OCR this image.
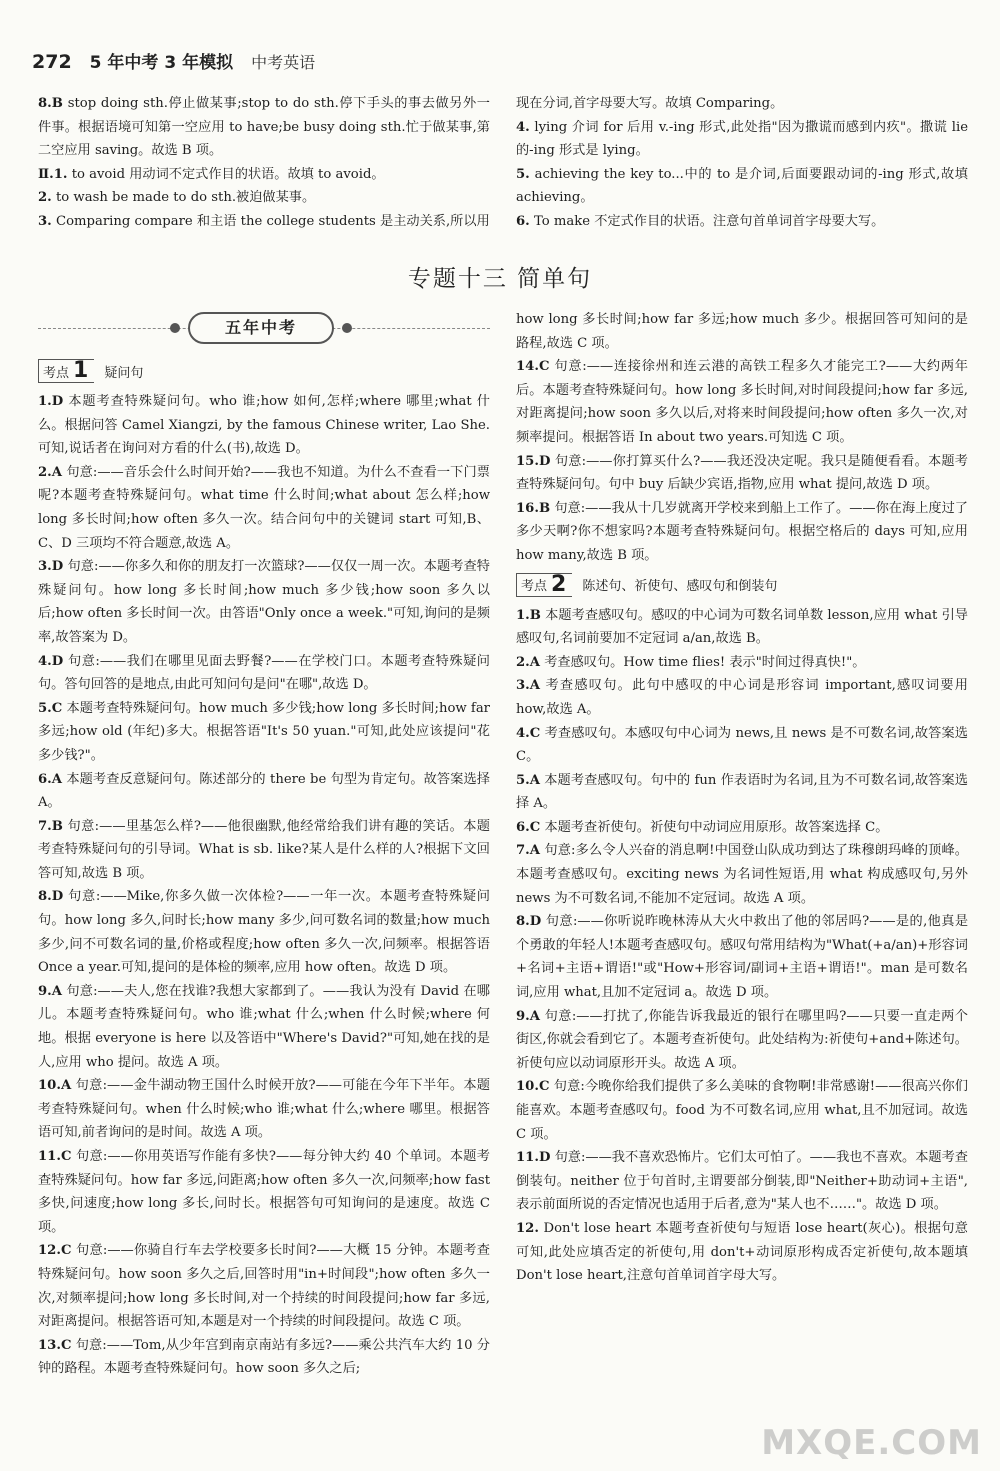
272 5 年中考 3 年模拟 中考英语
8.B stop doing sth.停止做某事;stop to do sth.停下手头的事去做另外一件事。根据语境可知第一空应用 to have;be busy doing sth.忙于做某事,第二空应用 saving。故选 B 项。
Ⅱ.1. to avoid 用动词不定式作目的状语。故填 to avoid。
2. to wash be made to do sth.被迫做某事。
3. Comparing compare 和主语 the college students 是主动关系,所以用
现在分词,首字母要大写。故填 Comparing。
4. lying 介词 for 后用 v.-ing 形式,此处指"因为撒谎而感到内疚"。撒谎 lie 的-ing 形式是 lying。
5. achieving the key to...中的 to 是介词,后面要跟动词的-ing 形式,故填 achieving。
6. To make 不定式作目的状语。注意句首单词首字母要大写。
专题十三 简单句
五年中考
考点 1 疑问句
1.D 本题考查特殊疑问句。who 谁;how 如何,怎样;where 哪里;what 什么。根据问答 Camel Xiangzi, by the famous Chinese writer, Lao She.可知,说话者在询问对方看的什么(书),故选 D。
2.A 句意:——音乐会什么时间开始?——我也不知道。为什么不查看一下门票呢?本题考查特殊疑问句。what time 什么时间;what about 怎么样;how long 多长时间;how often 多久一次。结合问句中的关键词 start 可知,B、C、D 三项均不符合题意,故选 A。
3.D 句意:——你多久和你的朋友打一次篮球?——仅仅一周一次。本题考查特殊疑问句。how long 多长时间;how much 多少钱;how soon 多久以后;how often 多长时间一次。由答语"Only once a week."可知,询问的是频率,故答案为 D。
4.D 句意:——我们在哪里见面去野餐?——在学校门口。本题考查特殊疑问句。答句回答的是地点,由此可知问句是问"在哪",故选 D。
5.C 本题考查特殊疑问句。how much 多少钱;how long 多长时间;how far 多远;how old (年纪)多大。根据答语"It's 50 yuan."可知,此处应该提问"花多少钱?"。
6.A 本题考查反意疑问句。陈述部分的 there be 句型为肯定句。故答案选择 A。
7.B 句意:——里基怎么样?——他很幽默,他经常给我们讲有趣的笑话。本题考查特殊疑问句的引导词。What is sb. like?某人是什么样的人?根据下文回答可知,故选 B 项。
8.D 句意:——Mike,你多久做一次体检?——一年一次。本题考查特殊疑问句。how long 多久,问时长;how many 多少,问可数名词的数量;how much 多少,问不可数名词的量,价格或程度;how often 多久一次,问频率。根据答语 Once a year.可知,提问的是体检的频率,应用 how often。故选 D 项。
9.A 句意:——夫人,您在找谁?我想大家都到了。——我认为没有 David 在哪儿。本题考查特殊疑问句。who 谁;what 什么;when 什么时候;where 何地。根据 everyone is here 以及答语中"Where's David?"可知,她在找的是人,应用 who 提问。故选 A 项。
10.A 句意:——金牛湖动物王国什么时候开放?——可能在今年下半年。本题考查特殊疑问句。when 什么时候;who 谁;what 什么;where 哪里。根据答语可知,前者询问的是时间。故选 A 项。
11.C 句意:——你用英语写作能有多快?——每分钟大约 40 个单词。本题考查特殊疑问句。how far 多远,问距离;how often 多久一次,问频率;how fast 多快,问速度;how long 多长,问时长。根据答句可知询问的是速度。故选 C 项。
12.C 句意:——你骑自行车去学校要多长时间?——大概 15 分钟。本题考查特殊疑问句。how soon 多久之后,回答时用"in+时间段";how often 多久一次,对频率提问;how long 多长时间,对一个持续的时间段提问;how far 多远,对距离提问。根据答语可知,本题是对一个持续的时间段提问。故选 C 项。
13.C 句意:——Tom,从少年宫到南京南站有多远?——乘公共汽车大约 10 分钟的路程。本题考查特殊疑问句。how soon 多久之后;
how long 多长时间;how far 多远;how much 多少。根据回答可知问的是路程,故选 C 项。
14.C 句意:——连接徐州和连云港的高铁工程多久才能完工?——大约两年后。本题考查特殊疑问句。how long 多长时间,对时间段提问;how far 多远,对距离提问;how soon 多久以后,对将来时间段提问;how often 多久一次,对频率提问。根据答语 In about two years.可知选 C 项。
15.D 句意:——你打算买什么?——我还没决定呢。我只是随便看看。本题考查特殊疑问句。句中 buy 后缺少宾语,指物,应用 what 提问,故选 D 项。
16.B 句意:——我从十几岁就离开学校来到船上工作了。——你在海上度过了多少天啊?你不想家吗?本题考查特殊疑问句。根据空格后的 days 可知,应用 how many,故选 B 项。
考点 2 陈述句、祈使句、感叹句和倒装句
1.B 本题考查感叹句。感叹的中心词为可数名词单数 lesson,应用 what 引导感叹句,名词前要加不定冠词 a/an,故选 B。
2.A 考查感叹句。How time flies! 表示"时间过得真快!"。
3.A 考查感叹句。此句中感叹的中心词是形容词 important,感叹词要用 how,故选 A。
4.C 考查感叹句。本感叹句中心词为 news,且 news 是不可数名词,故答案选 C。
5.A 本题考查感叹句。句中的 fun 作表语时为名词,且为不可数名词,故答案选择 A。
6.C 本题考查祈使句。祈使句中动词应用原形。故答案选择 C。
7.A 句意:多么令人兴奋的消息啊!中国登山队成功到达了珠穆朗玛峰的顶峰。本题考查感叹句。exciting news 为名词性短语,用 what 构成感叹句,另外 news 为不可数名词,不能加不定冠词。故选 A 项。
8.D 句意:——你听说昨晚林涛从大火中救出了他的邻居吗?——是的,他真是个勇敢的年轻人!本题考查感叹句。感叹句常用结构为"What(+a/an)+形容词+名词+主语+谓语!"或"How+形容词/副词+主语+谓语!"。man 是可数名词,应用 what,且加不定冠词 a。故选 D 项。
9.A 句意:——打扰了,你能告诉我最近的银行在哪里吗?——只要一直走两个街区,你就会看到它了。本题考查祈使句。此处结构为:祈使句+and+陈述句。祈使句应以动词原形开头。故选 A 项。
10.C 句意:今晚你给我们提供了多么美味的食物啊!非常感谢!——很高兴你们能喜欢。本题考查感叹句。food 为不可数名词,应用 what,且不加冠词。故选 C 项。
11.D 句意:——我不喜欢恐怖片。它们太可怕了。——我也不喜欢。本题考查倒装句。neither 位于句首时,主谓要部分倒装,即"Neither+助动词+主语",表示前面所说的否定情况也适用于后者,意为"某人也不……"。故选 D 项。
12. Don't lose heart 本题考查祈使句与短语 lose heart(灰心)。根据句意可知,此处应填否定的祈使句,用 don't+动词原形构成否定祈使句,故本题填 Don't lose heart,注意句首单词首字母大写。
MXQE.COM
